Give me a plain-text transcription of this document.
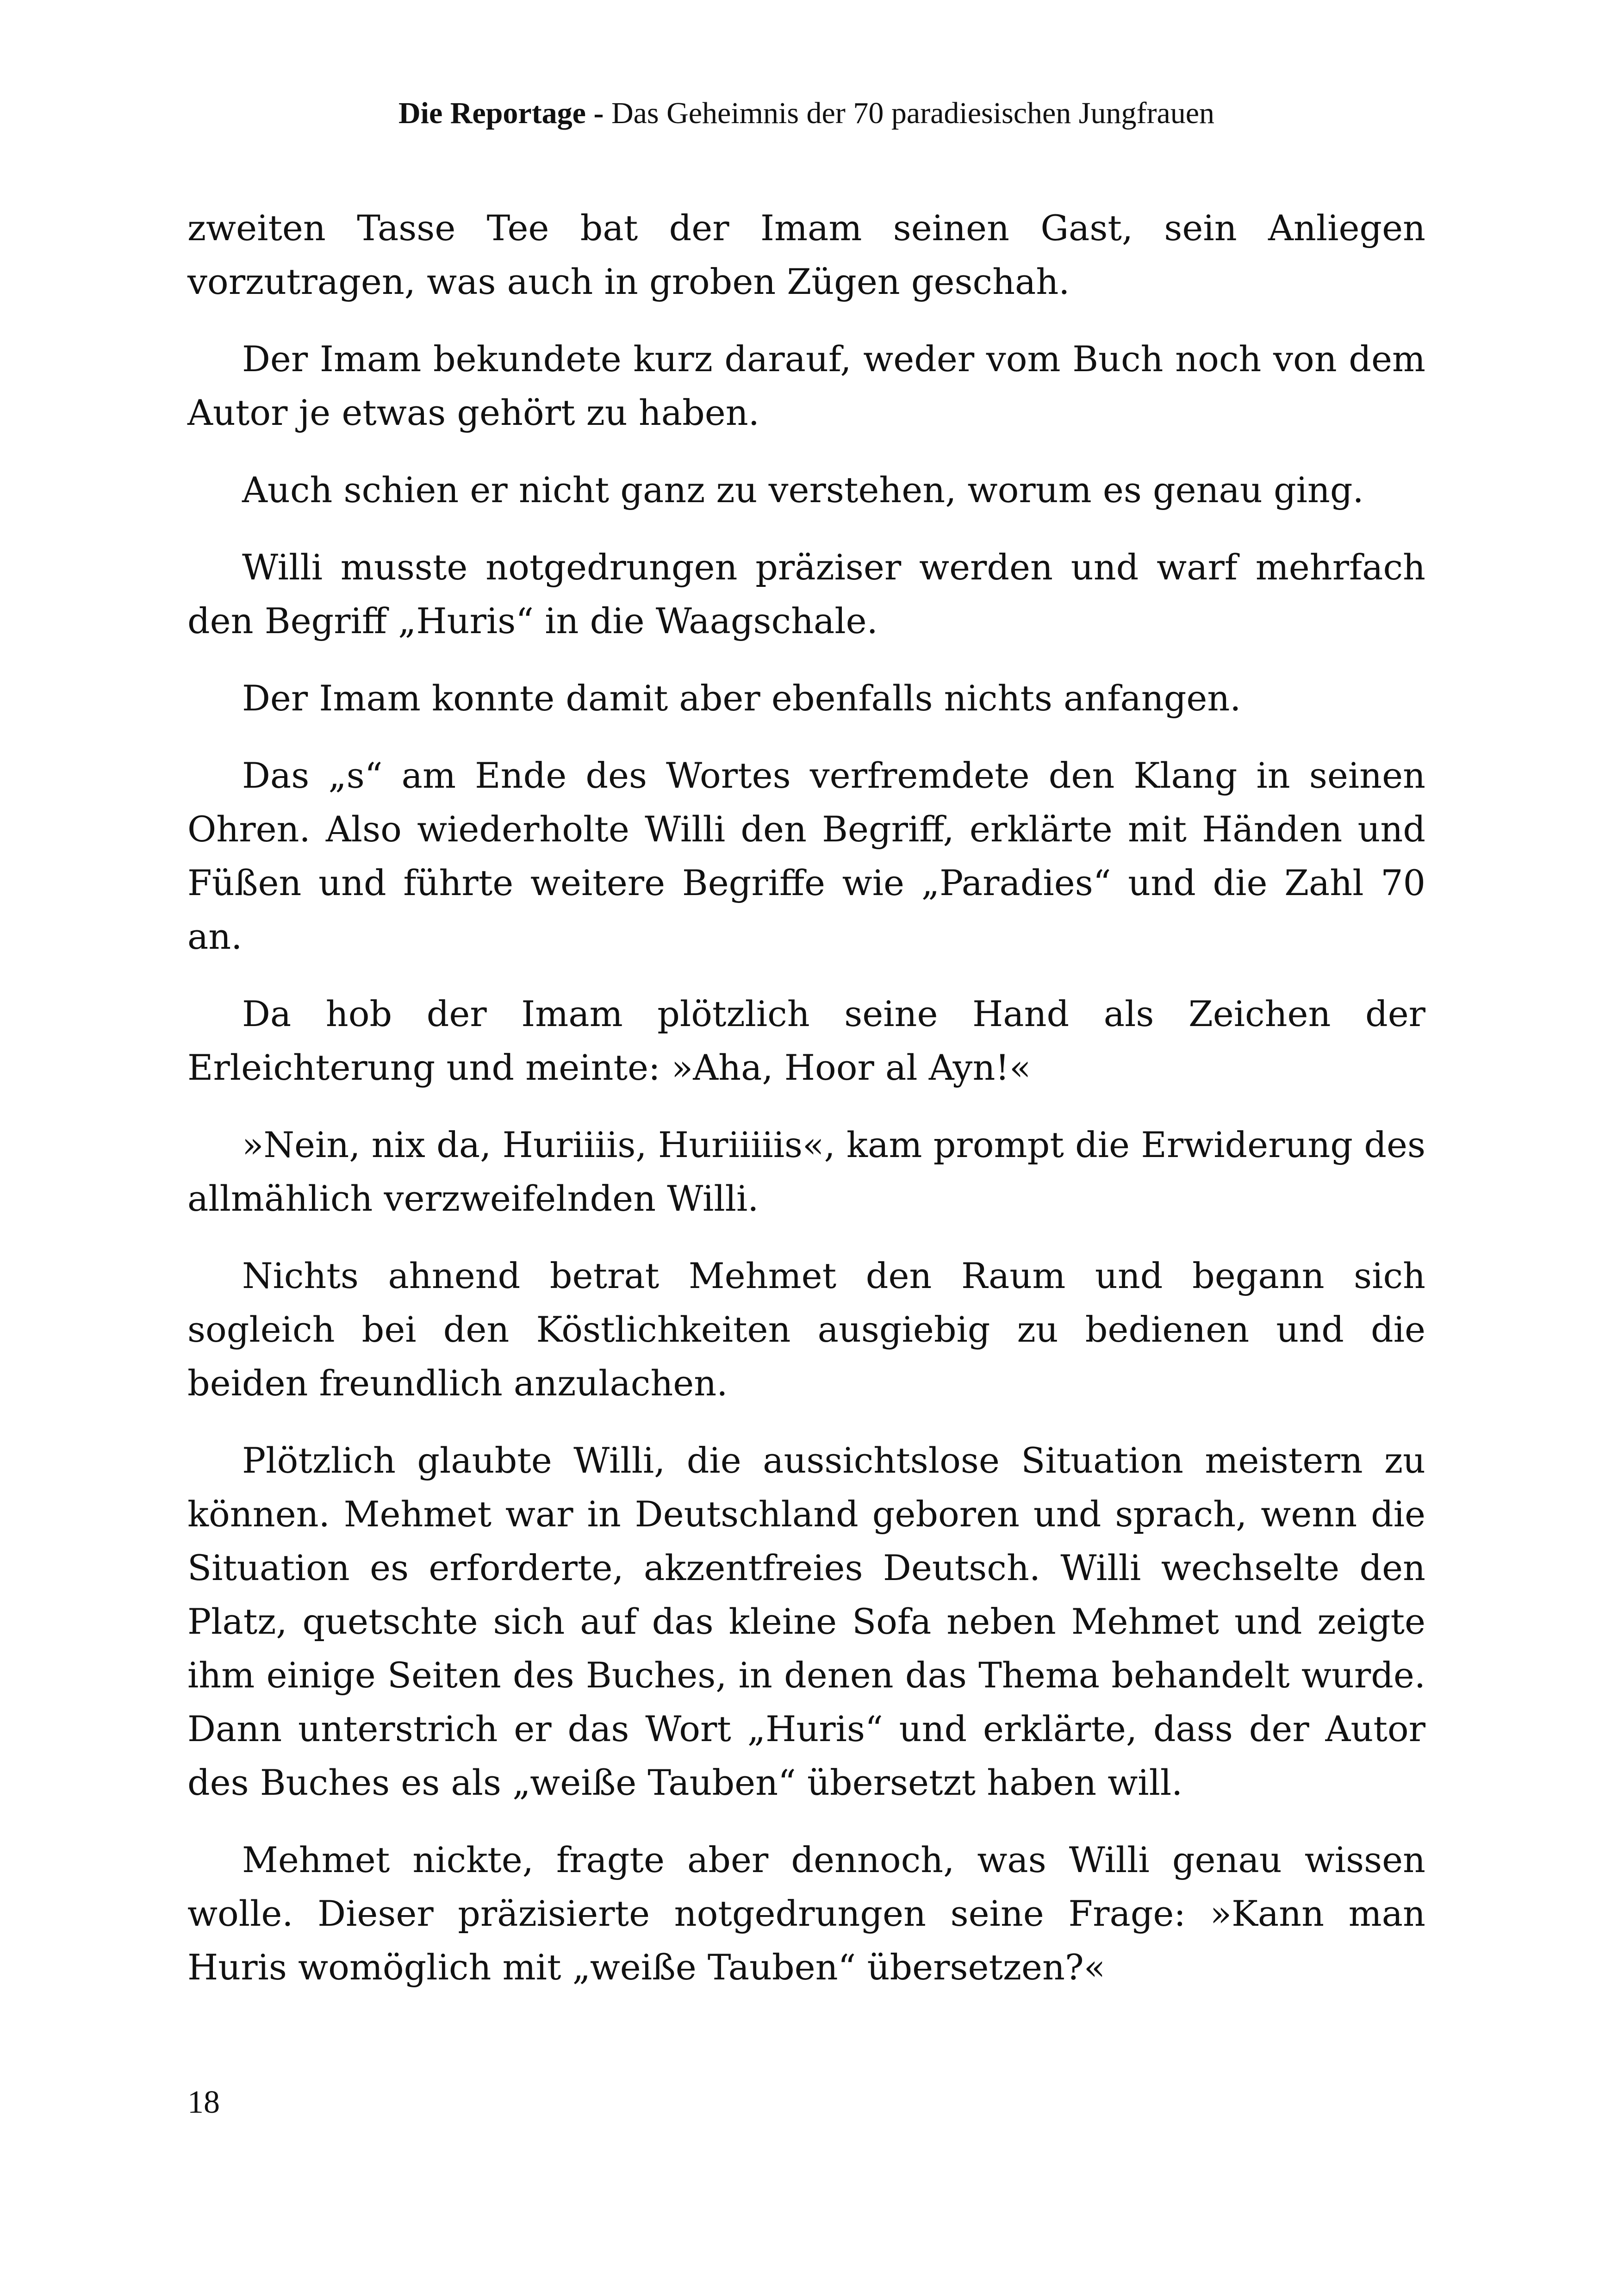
Die Reportage - Das Geheimnis der 70 paradiesischen Jungfrauen

zweiten Tasse Tee bat der Imam seinen Gast, sein Anliegen vorzutragen, was auch in groben Zügen geschah.

Der Imam bekundete kurz darauf, weder vom Buch noch von dem Autor je etwas gehört zu haben.

Auch schien er nicht ganz zu verstehen, worum es genau ging.

Willi musste notgedrungen präziser werden und warf mehrfach den Begriff „Huris“ in die Waagschale.

Der Imam konnte damit aber ebenfalls nichts anfangen.

Das „s“ am Ende des Wortes verfremdete den Klang in seinen Ohren. Also wiederholte Willi den Begriff, erklärte mit Händen und Füßen und führte weitere Begriffe wie „Paradies“ und die Zahl 70 an.

Da hob der Imam plötzlich seine Hand als Zeichen der Erleichterung und meinte: »Aha, Hoor al Ayn!«

»Nein, nix da, Huriiiis, Huriiiiis«, kam prompt die Erwiderung des allmählich verzweifelnden Willi.

Nichts ahnend betrat Mehmet den Raum und begann sich sogleich bei den Köstlichkeiten ausgiebig zu bedienen und die beiden freundlich anzulachen.

Plötzlich glaubte Willi, die aussichtslose Situation meistern zu können. Mehmet war in Deutschland geboren und sprach, wenn die Situation es erforderte, akzentfreies Deutsch. Willi wechselte den Platz, quetschte sich auf das kleine Sofa neben Mehmet und zeigte ihm einige Seiten des Buches, in denen das Thema behandelt wurde. Dann unterstrich er das Wort „Huris“ und erklärte, dass der Autor des Buches es als „weiße Tauben“ übersetzt haben will.

Mehmet nickte, fragte aber dennoch, was Willi genau wissen wolle. Dieser präzisierte notgedrungen seine Frage: »Kann man Huris womöglich mit „weiße Tauben“ übersetzen?«

18
